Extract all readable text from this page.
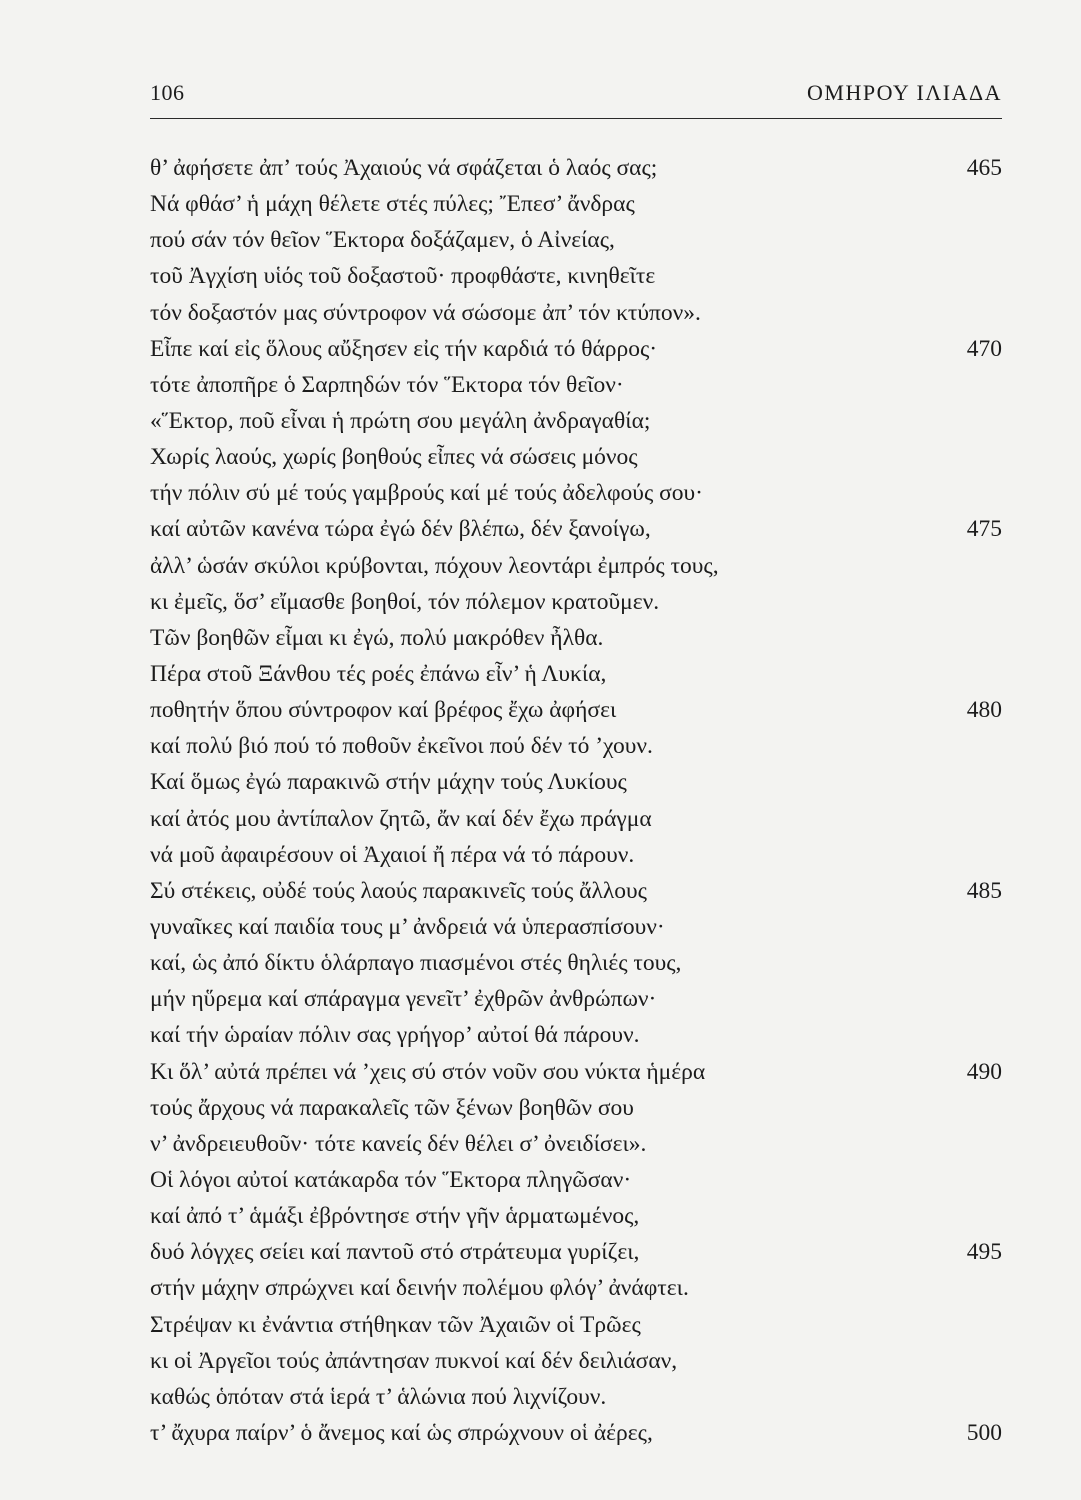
106	ΟΜΗΡΟΥ ΙΛΙΑΔΑ
θ’ ἀφήσετε ἀπ’ τούς Ἀχαιούς νά σφάζεται ὁ λαός σας;	465
Νά φθάσ’ ἡ μάχη θέλετε στές πύλες; Ἔπεσ’ ἄνδρας
πού σάν τόν θεῖον Ἕκτορα δοξάζαμεν, ὁ Αἰνείας,
τοῦ Ἀγχίση υἱός τοῦ δοξαστοῦ· προφθάστε, κινηθεῖτε
τόν δοξαστόν μας σύντροφον νά σώσομε ἀπ’ τόν κτύπον».
Εἶπε καί εἰς ὅλους αὔξησεν εἰς τήν καρδιά τό θάρρος·	470
τότε ἀποπῆρε ὁ Σαρπηδών τόν Ἕκτορα τόν θεῖον·
«Ἕκτορ, ποῦ εἶναι ἡ πρώτη σου μεγάλη ἀνδραγαθία;
Χωρίς λαούς, χωρίς βοηθούς εἶπες νά σώσεις μόνος
τήν πόλιν σύ μέ τούς γαμβρούς καί μέ τούς ἀδελφούς σου·
καί αὐτῶν κανένα τώρα ἐγώ δέν βλέπω, δέν ξανοίγω,	475
ἀλλ’ ὡσάν σκύλοι κρύβονται, πόχουν λεοντάρι ἐμπρός τους,
κι ἐμεῖς, ὅσ’ εἴμασθε βοηθοί, τόν πόλεμον κρατοῦμεν.
Τῶν βοηθῶν εἶμαι κι ἐγώ, πολύ μακρόθεν ἦλθα.
Πέρα στοῦ Ξάνθου τές ροές ἐπάνω εἶν’ ἡ Λυκία,
ποθητήν ὅπου σύντροφον καί βρέφος ἔχω ἀφήσει	480
καί πολύ βιό πού τό ποθοῦν ἐκεῖνοι πού δέν τό ’χουν.
Καί ὅμως ἐγώ παρακινῶ στήν μάχην τούς Λυκίους
καί ἀτός μου ἀντίπαλον ζητῶ, ἄν καί δέν ἔχω πράγμα
νά μοῦ ἀφαιρέσουν οἱ Ἀχαιοί ἤ πέρα νά τό πάρουν.
Σύ στέκεις, οὐδέ τούς λαούς παρακινεῖς τούς ἄλλους	485
γυναῖκες καί παιδία τους μ’ ἀνδρειά νά ὑπερασπίσουν·
καί, ὡς ἀπό δίκτυ ὁλάρπαγο πιασμένοι στές θηλιές τους,
μήν ηὕρεμα καί σπάραγμα γενεῖτ’ ἐχθρῶν ἀνθρώπων·
καί τήν ὡραίαν πόλιν σας γρήγορ’ αὐτοί θά πάρουν.
Κι ὅλ’ αὐτά πρέπει νά ’χεις σύ στόν νοῦν σου νύκτα ἡμέρα	490
τούς ἄρχους νά παρακαλεῖς τῶν ξένων βοηθῶν σου
ν’ ἀνδρειευθοῦν· τότε κανείς δέν θέλει σ’ ὀνειδίσει».
Οἱ λόγοι αὐτοί κατάκαρδα τόν Ἕκτορα πληγῶσαν·
καί ἀπό τ’ ἁμάξι ἐβρόντησε στήν γῆν ἁρματωμένος,
δυό λόγχες σείει καί παντοῦ στό στράτευμα γυρίζει,	495
στήν μάχην σπρώχνει καί δεινήν πολέμου φλόγ’ ἀνάφτει.
Στρέψαν κι ἐνάντια στήθηκαν τῶν Ἀχαιῶν οἱ Τρῶες
κι οἱ Ἀργεῖοι τούς ἀπάντησαν πυκνοί καί δέν δειλιάσαν,
καθώς ὁπόταν στά ἱερά τ’ ἁλώνια πού λιχνίζουν.
τ’ ἄχυρα παίρν’ ὁ ἄνεμος καί ὡς σπρώχνουν οἱ ἀέρες,	500
